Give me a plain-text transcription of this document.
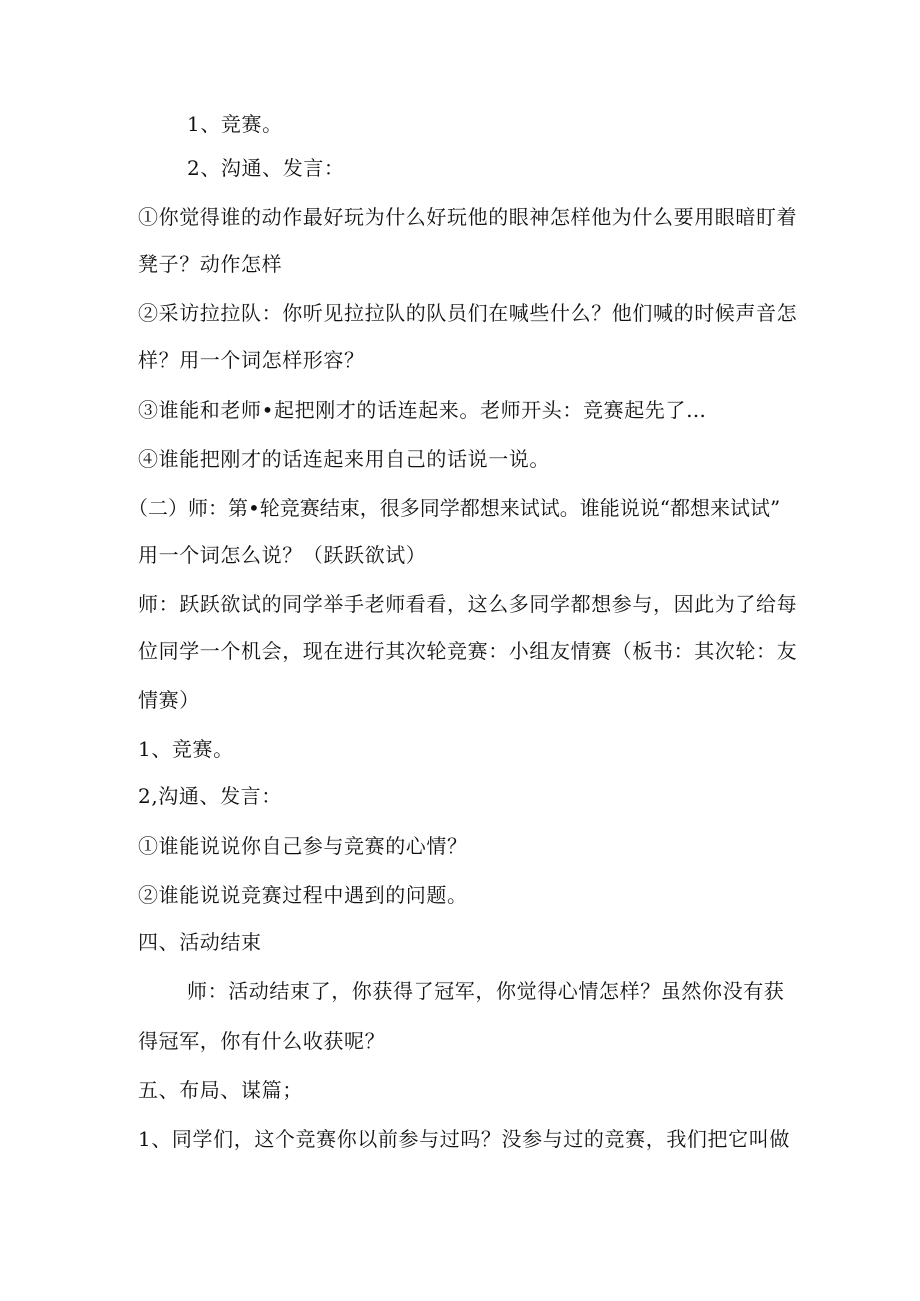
1、竞赛。
2、沟通、发言：
①你觉得谁的动作最好玩为什么好玩他的眼神怎样他为什么要用眼暗盯着
凳子？动作怎样
②采访拉拉队：你听见拉拉队的队员们在喊些什么？他们喊的时候声音怎
样？用一个词怎样形容？
③谁能和老师•起把刚才的话连起来。老师开头：竞赛起先了…
④谁能把刚才的话连起来用自己的话说一说。
（二）师：第•轮竞赛结束，很多同学都想来试试。谁能说说“都想来试试”
用一个词怎么说？（跃跃欲试）
师：跃跃欲试的同学举手老师看看，这么多同学都想参与，因此为了给每
位同学一个机会，现在进行其次轮竞赛：小组友情赛（板书：其次轮：友
情赛）
1、竞赛。
2,沟通、发言：
①谁能说说你自己参与竞赛的心情？
②谁能说说竞赛过程中遇到的问题。
四、活动结束
师：活动结束了，你获得了冠军，你觉得心情怎样？虽然你没有获
得冠军，你有什么收获呢？
五、布局、谋篇；
1、同学们，这个竞赛你以前参与过吗？没参与过的竞赛，我们把它叫做
